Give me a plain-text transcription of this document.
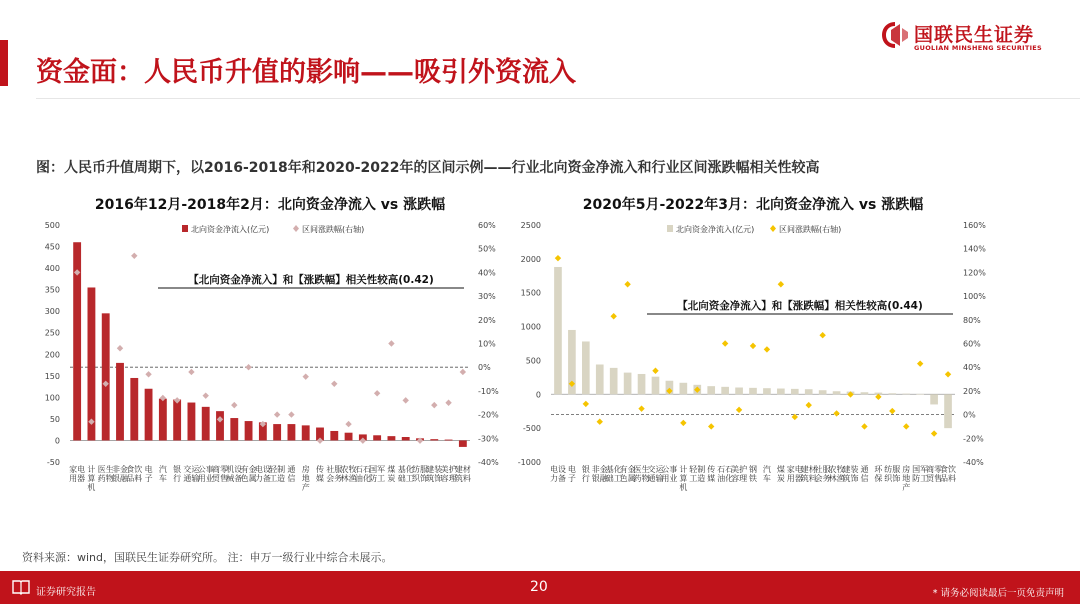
资金面：人民币升值的影响——吸引外资流入
国联民生证券
GUOLIAN MINSHENG SECURITIES
图：人民币升值周期下，以2016-2018年和2020-2022年的区间示例——行业北向资金净流入和行业区间涨跌幅相关性较高
2016年12月-2018年2月：北向资金净流入 vs 涨跌幅
北向资金净流入(亿元)	区间涨跌幅(右轴)
-50
0
50
100
150
200
250
300
350
400
450
500
-40%
-30%
-20%
-10%
0%
10%
20%
30%
40%
50%
60%
家用电器
计算机
医药生物
非银金融
食品饮料
电子
汽车
银行
交通运输
公用事业
商贸零售
机械设备
有色金属
电力设备
轻工制造
通信
房地产
传媒
社会服务
农林牧渔
石油石化
国防军工
煤炭
基础化工
纺织服饰
建筑装饰
美容护理
建筑材料
【北向资金净流入】和【涨跌幅】相关性较高(0.42)
2020年5月-2022年3月：北向资金净流入 vs 涨跌幅
北向资金净流入(亿元)	区间涨跌幅(右轴)
-1000
-500
0
500
1000
1500
2000
2500
-40%
-20%
0%
20%
40%
60%
80%
100%
120%
140%
160%
电力设备
电子
银行
非银金融
基础化工
有色金属
医药生物
交通运输
公用事业
计算机
轻工制造
传媒
石油石化
美容护理
钢铁
汽车
煤炭
家用电器
建筑材料
社会服务
农林牧渔
建筑装饰
通信
环保
纺织服饰
房地产
国防军工
商贸零售
食品饮料
【北向资金净流入】和【涨跌幅】相关性较高(0.44)
资料来源：wind，国联民生证券研究所。 注：申万一级行业中综合未展示。
证券研究报告	20	* 请务必阅读最后一页免责声明
